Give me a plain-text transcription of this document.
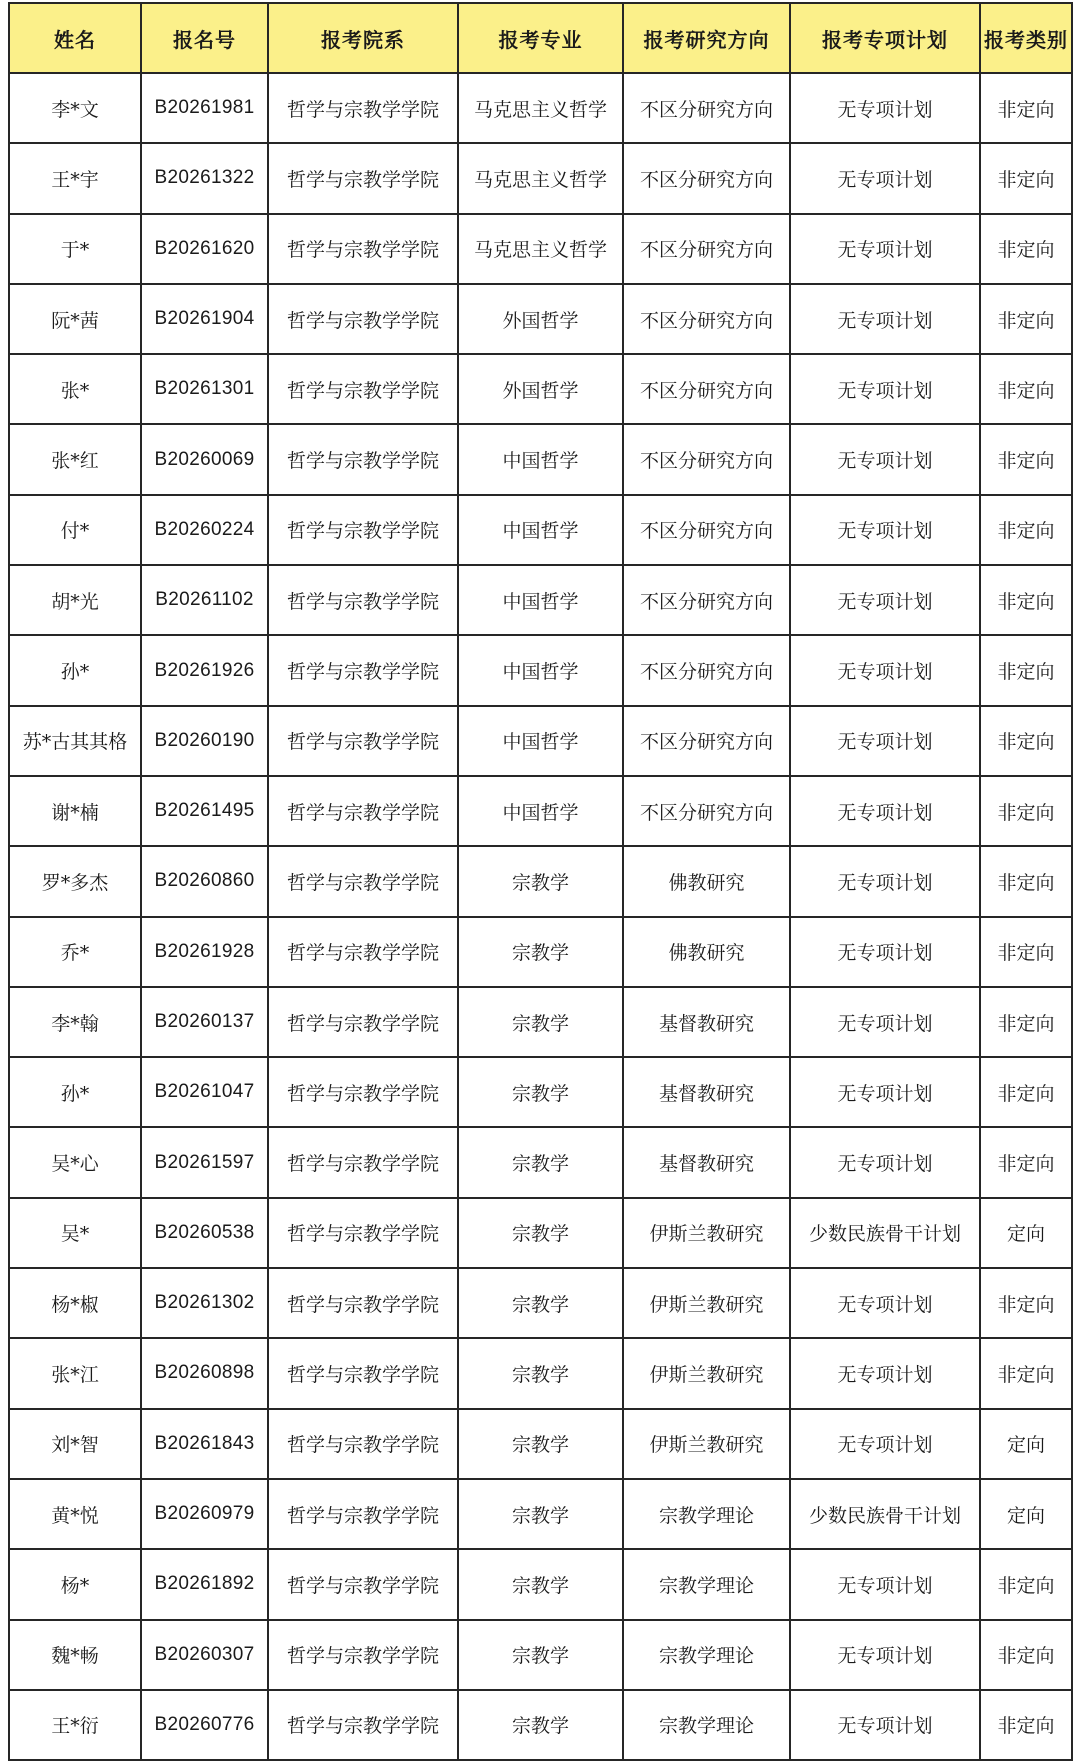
姓名	报名号	报考院系	报考专业	报考研究方向	报考专项计划	报考类别
李*文	B20261981	哲学与宗教学学院	马克思主义哲学	不区分研究方向	无专项计划	非定向
王*宇	B20261322	哲学与宗教学学院	马克思主义哲学	不区分研究方向	无专项计划	非定向
于*	B20261620	哲学与宗教学学院	马克思主义哲学	不区分研究方向	无专项计划	非定向
阮*茜	B20261904	哲学与宗教学学院	外国哲学	不区分研究方向	无专项计划	非定向
张*	B20261301	哲学与宗教学学院	外国哲学	不区分研究方向	无专项计划	非定向
张*红	B20260069	哲学与宗教学学院	中国哲学	不区分研究方向	无专项计划	非定向
付*	B20260224	哲学与宗教学学院	中国哲学	不区分研究方向	无专项计划	非定向
胡*光	B20261102	哲学与宗教学学院	中国哲学	不区分研究方向	无专项计划	非定向
孙*	B20261926	哲学与宗教学学院	中国哲学	不区分研究方向	无专项计划	非定向
苏*古其其格	B20260190	哲学与宗教学学院	中国哲学	不区分研究方向	无专项计划	非定向
谢*楠	B20261495	哲学与宗教学学院	中国哲学	不区分研究方向	无专项计划	非定向
罗*多杰	B20260860	哲学与宗教学学院	宗教学	佛教研究	无专项计划	非定向
乔*	B20261928	哲学与宗教学学院	宗教学	佛教研究	无专项计划	非定向
李*翰	B20260137	哲学与宗教学学院	宗教学	基督教研究	无专项计划	非定向
孙*	B20261047	哲学与宗教学学院	宗教学	基督教研究	无专项计划	非定向
吴*心	B20261597	哲学与宗教学学院	宗教学	基督教研究	无专项计划	非定向
吴*	B20260538	哲学与宗教学学院	宗教学	伊斯兰教研究	少数民族骨干计划	定向
杨*椒	B20261302	哲学与宗教学学院	宗教学	伊斯兰教研究	无专项计划	非定向
张*江	B20260898	哲学与宗教学学院	宗教学	伊斯兰教研究	无专项计划	非定向
刘*智	B20261843	哲学与宗教学学院	宗教学	伊斯兰教研究	无专项计划	定向
黄*悦	B20260979	哲学与宗教学学院	宗教学	宗教学理论	少数民族骨干计划	定向
杨*	B20261892	哲学与宗教学学院	宗教学	宗教学理论	无专项计划	非定向
魏*畅	B20260307	哲学与宗教学学院	宗教学	宗教学理论	无专项计划	非定向
王*衍	B20260776	哲学与宗教学学院	宗教学	宗教学理论	无专项计划	非定向
